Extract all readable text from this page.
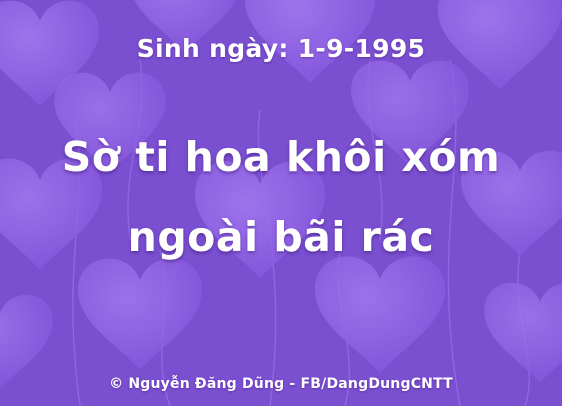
Sinh ngày: 1-9-1995
Sờ ti hoa khôi xóm
ngoài bãi rác
© Nguyễn Đăng Dũng - FB/DangDungCNTT
